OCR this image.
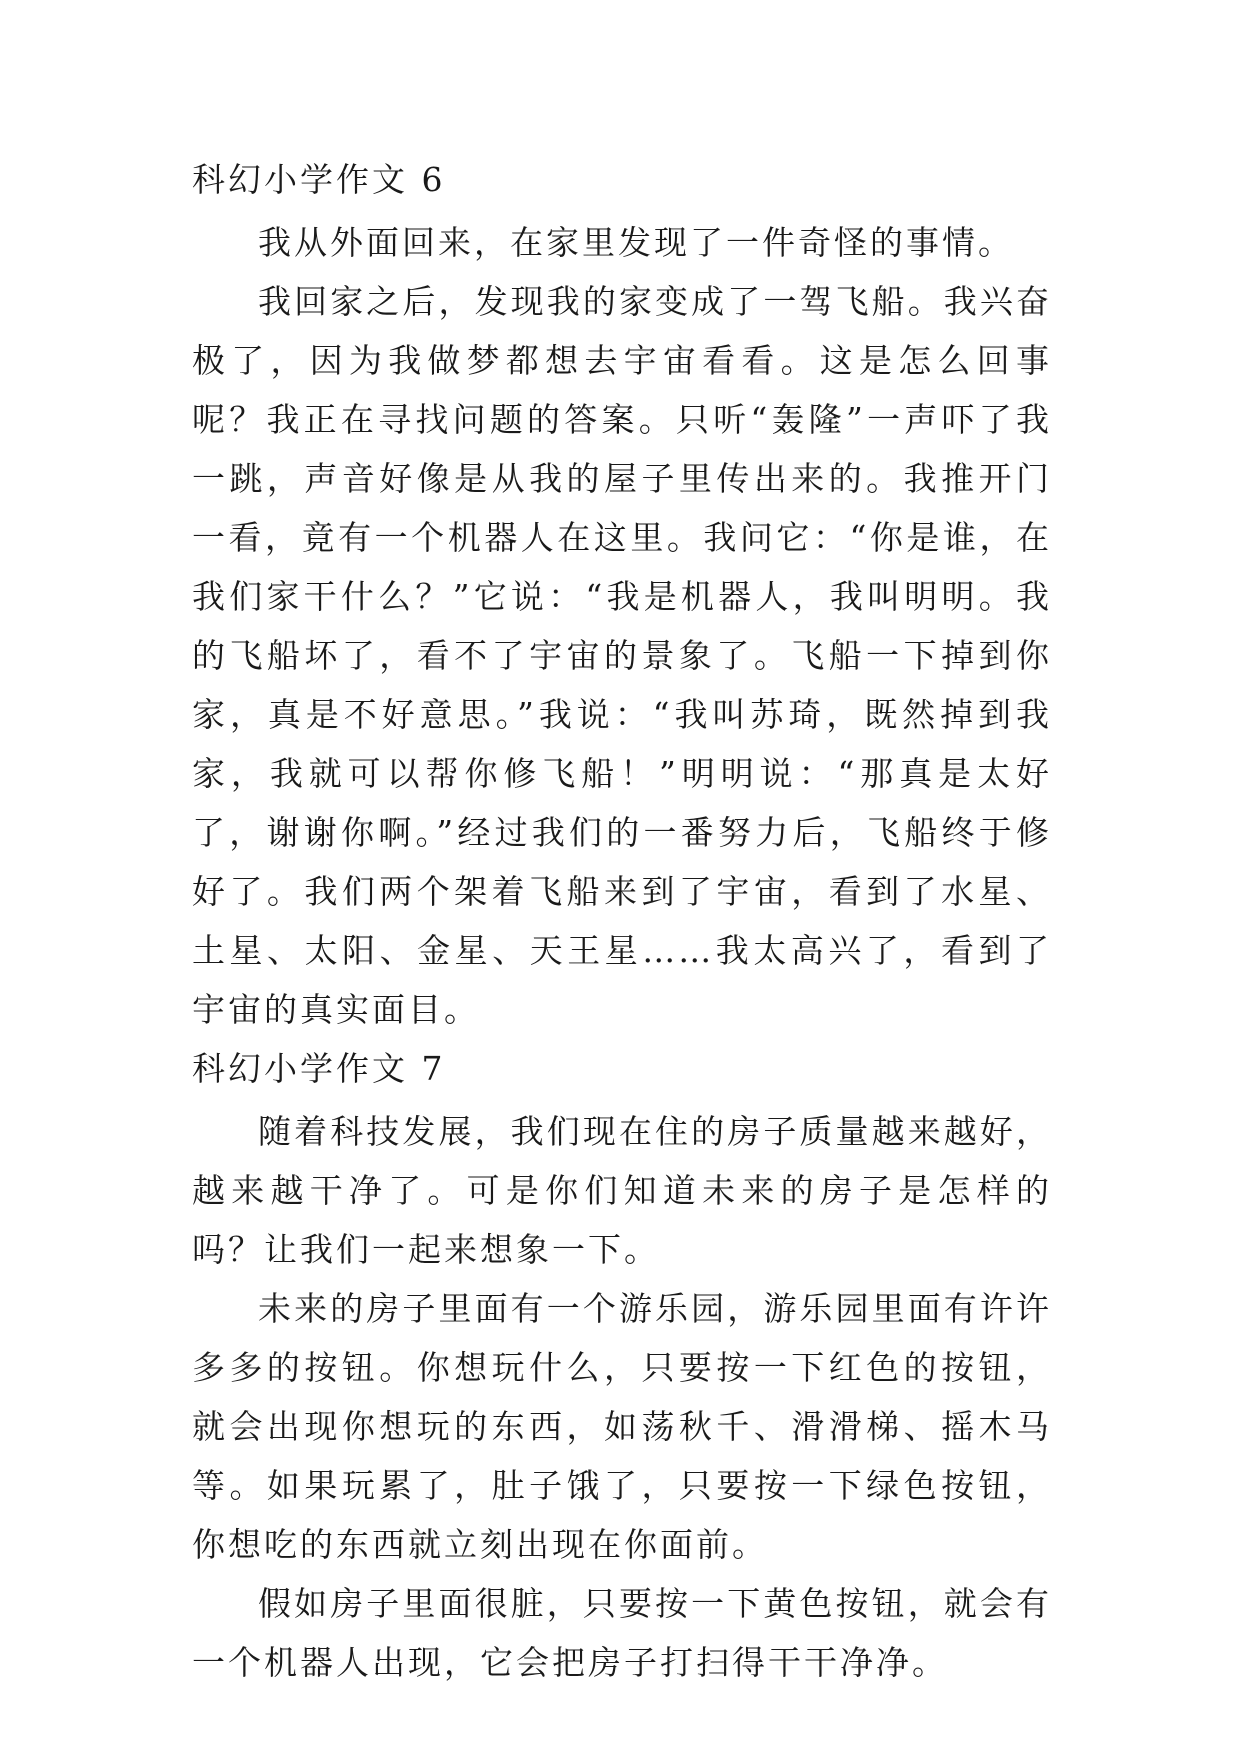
科幻小学作文 6

我从外面回来，在家里发现了一件奇怪的事情。

我回家之后，发现我的家变成了一驾飞船。我兴奋极了，因为我做梦都想去宇宙看看。这是怎么回事呢？我正在寻找问题的答案。只听“轰隆”一声吓了我一跳，声音好像是从我的屋子里传出来的。我推开门一看，竟有一个机器人在这里。我问它：“你是谁，在我们家干什么？”它说：“我是机器人，我叫明明。我的飞船坏了，看不了宇宙的景象了。飞船一下掉到你家，真是不好意思。”我说：“我叫苏琦，既然掉到我家，我就可以帮你修飞船！”明明说：“那真是太好了，谢谢你啊。”经过我们的一番努力后，飞船终于修好了。我们两个架着飞船来到了宇宙，看到了水星、土星、太阳、金星、天王星……我太高兴了，看到了宇宙的真实面目。

科幻小学作文 7

随着科技发展，我们现在住的房子质量越来越好，越来越干净了。可是你们知道未来的房子是怎样的吗？让我们一起来想象一下。

未来的房子里面有一个游乐园，游乐园里面有许许多多的按钮。你想玩什么，只要按一下红色的按钮，就会出现你想玩的东西，如荡秋千、滑滑梯、摇木马等。如果玩累了，肚子饿了，只要按一下绿色按钮，你想吃的东西就立刻出现在你面前。

假如房子里面很脏，只要按一下黄色按钮，就会有一个机器人出现，它会把房子打扫得干干净净。
